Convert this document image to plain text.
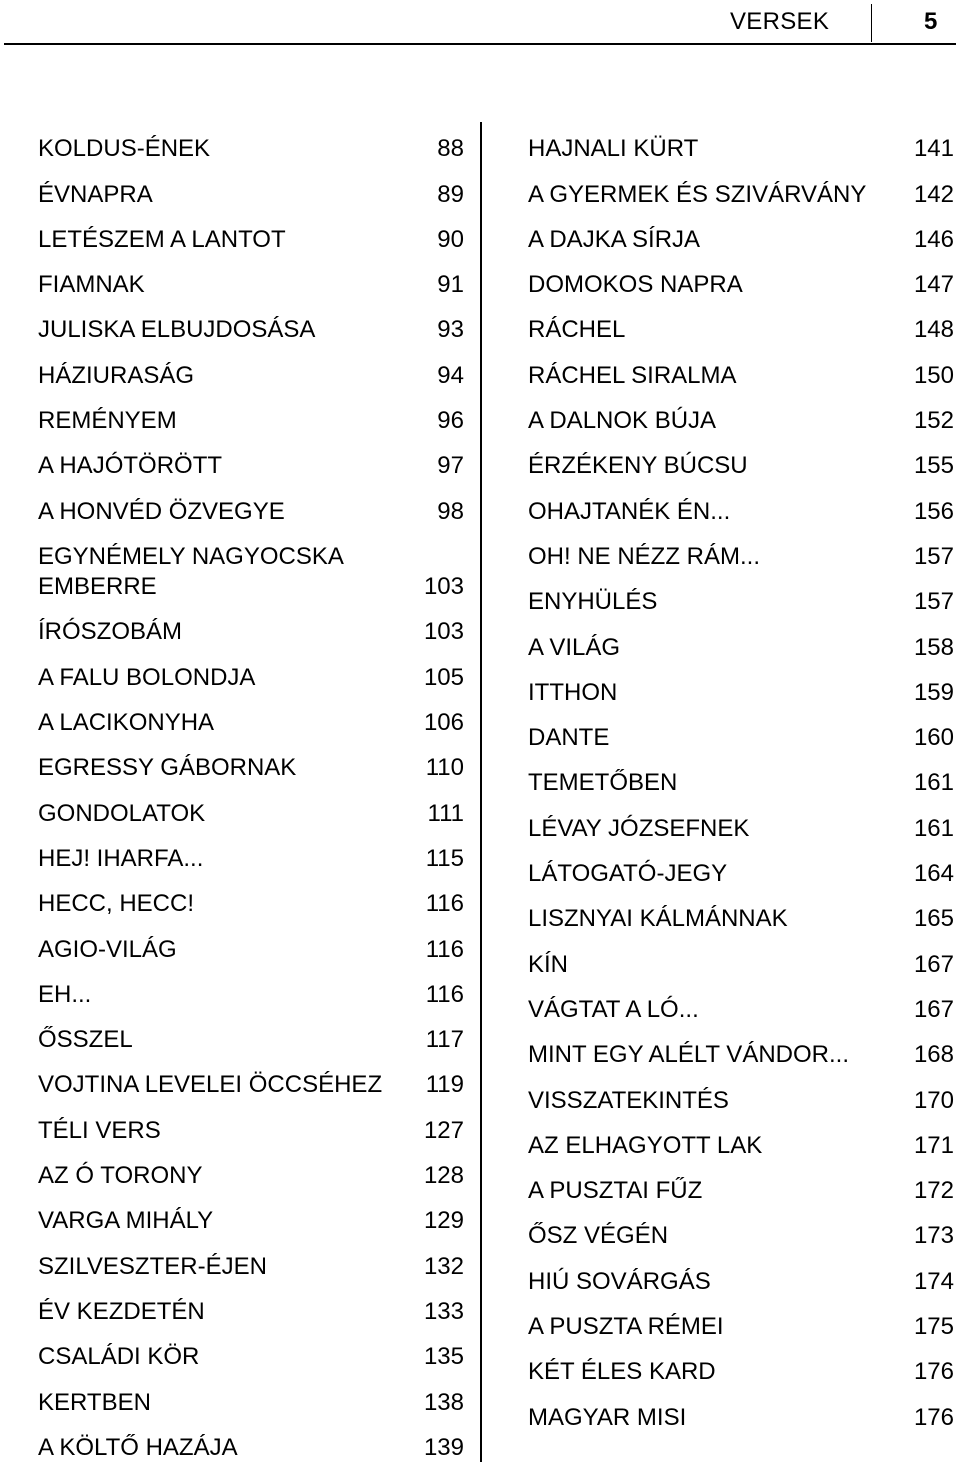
VERSEK	5
KOLDUS-ÉNEK	88
ÉVNAPRA	89
LETÉSZEM A LANTOT	90
FIAMNAK	91
JULISKA ELBUJDOSÁSA	93
HÁZIURASÁG	94
REMÉNYEM	96
A HAJÓTÖRÖTT	97
A HONVÉD ÖZVEGYE	98
EGYNÉMELY NAGYOCSKA
EMBERRE	103
ÍRÓSZOBÁM	103
A FALU BOLONDJA	105
A LACIKONYHA	106
EGRESSY GÁBORNAK	110
GONDOLATOK	111
HEJ! IHARFA...	115
HECC, HECC!	116
AGIO-VILÁG	116
EH...	116
ŐSSZEL	117
VOJTINA LEVELEI ÖCCSÉHEZ 119
TÉLI VERS	127
AZ Ó TORONY	128
VARGA MIHÁLY	129
SZILVESZTER-ÉJEN	132
ÉV KEZDETÉN	133
CSALÁDI KÖR	135
KERTBEN	138
A KÖLTŐ HAZÁJA	139
HAJNALI KÜRT	141
A GYERMEK ÉS SZIVÁRVÁNY 142
A DAJKA SÍRJA	146
DOMOKOS NAPRA	147
RÁCHEL	148
RÁCHEL SIRALMA	150
A DALNOK BÚJA	152
ÉRZÉKENY BÚCSU	155
OHAJTANÉK ÉN...	156
OH! NE NÉZZ RÁM...	157
ENYHÜLÉS	157
A VILÁG	158
ITTHON	159
DANTE	160
TEMETŐBEN	161
LÉVAY JÓZSEFNEK	161
LÁTOGATÓ-JEGY	164
LISZNYAI KÁLMÁNNAK	165
KÍN	167
VÁGTAT A LÓ...	167
MINT EGY ALÉLT VÁNDOR...	168
VISSZATEKINTÉS	170
AZ ELHAGYOTT LAK	171
A PUSZTAI FŰZ	172
ŐSZ VÉGÉN	173
HIÚ SOVÁRGÁS	174
A PUSZTA RÉMEI	175
KÉT ÉLES KARD	176
MAGYAR MISI	176
